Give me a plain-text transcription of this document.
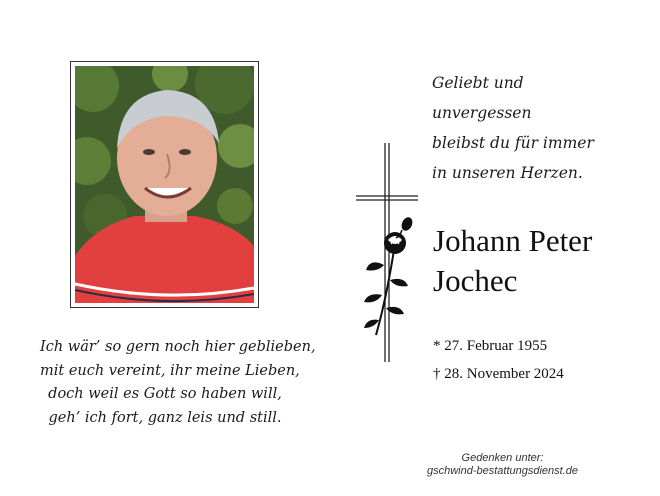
Ich wär’ so gern noch hier geblieben,
mit euch vereint, ihr meine Lieben,
doch weil es Gott so haben will,
geh’ ich fort, ganz leis und still.
Geliebt und
unvergessen
bleibst du für immer
in unseren Herzen.
Johann Peter
Jochec
* 27. Februar 1955
† 28. November 2024
Gedenken unter:
gschwind-bestattungsdienst.de
